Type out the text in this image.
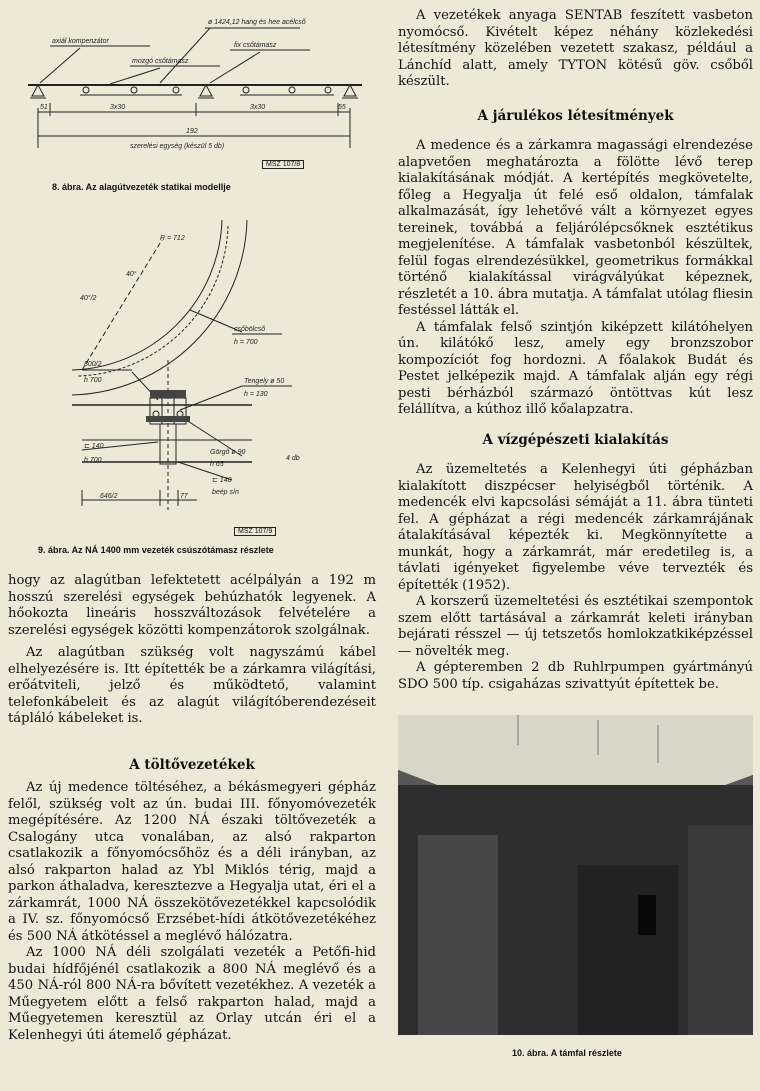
ø 1424,12 hang és hee acélcső
axiál kompenzátor
mozgó csőtámasz
fix csőtámasz
51	3x30	3x30	55
192
szerelési egység (készül 5 db)
MSZ 107/8
8. ábra. Az alagútvezeték statikai modellje
R = 712
40°
40°/2
csőbölcső
h = 700
800/2
h 700	Tengely ø 50
h = 130
⊏ 140
h 700
Görgő ø 90
h 65
4 db
⊏ 140
beép sín
646/2	77
MSZ 107/9
9. ábra. Az NÁ 1400 mm vezeték csúszótámasz részlete

hogy az alagútban lefektetett acélpályán a 192 m hosszú szerelési egységek behúzhatók legyenek. A hőokozta lineáris hosszváltozások felvételére a szerelési egységek közötti kompenzátorok szolgálnak.

Az alagútban szükség volt nagyszámú kábel elhelyezésére is. Itt építették be a zárkamra világítási, erőátviteli, jelző és működtető, valamint telefonkábeleit és az alagút világítóberendezéseit tápláló kábeleket is.

A töltővezetékek

Az új medence töltéséhez, a békásmegyeri gépház felől, szükség volt az ún. budai III. főnyomóvezeték megépítésére. Az 1200 NÁ északi töltővezeték a Csalogány utca vonalában, az alsó rakparton csatlakozik a főnyomócsőhöz és a déli irányban, az alsó rakparton halad az Ybl Miklós térig, majd a parkon áthaladva, keresztezve a Hegyalja utat, éri el a zárkamrát, 1000 NÁ összekötővezetékkel kapcsolódik a IV. sz. főnyomócső Erzsébet-hídi átkötővezetékéhez és 500 NÁ átkötéssel a meglévő hálózatra.

Az 1000 NÁ déli szolgálati vezeték a Petőfi-hid budai hídfőjénél csatlakozik a 800 NÁ meglévő és a 450 NÁ-ról 800 NÁ-ra bővített vezetékhez. A vezeték a Műegyetem előtt a felső rakparton halad, majd a Műegyetemen keresztül az Orlay utcán éri el a Kelenhegyi úti átemelő gépházat.

A vezetékek anyaga SENTAB feszített vasbeton nyomócső. Kivételt képez néhány közlekedési létesítmény közelében vezetett szakasz, például a Lánchíd alatt, amely TYTON kötésű göv. csőből készült.

A járulékos létesítmények

A medence és a zárkamra magassági elrendezése alapvetően meghatározta a fölötte lévő terep kialakításának módját. A kertépítés megkövetelte, főleg a Hegyalja út felé eső oldalon, támfalak alkalmazását, így lehetővé vált a környezet egyes tereinek, továbbá a feljárólépcsőknek esztétikus megjelenítése. A támfalak vasbetonból készültek, felül fogas elrendezésükkel, geometrikus formákkal történő kialakítással virágvályúkat képeznek, részletét a 10. ábra mutatja. A támfalat utólag fliesin festéssel látták el.

A támfalak felső szintjón kiképzett kilátóhelyen ún. kilátókő lesz, amely egy bronzszobor kompozíciót fog hordozni. A főalakok Budát és Pestet jelképezik majd. A támfalak alján egy régi pesti bérházból származó öntöttvas kút lesz felállítva, a kúthoz illő kőalapzatra.

A vízgépészeti kialakítás

Az üzemeltetés a Kelenhegyi úti gépházban kialakított diszpécser helyiségből történik. A medencék elvi kapcsolási sémáját a 11. ábra tünteti fel. A gépházat a régi medencék zárkamrájának átalakításával képezték ki. Megkönnyítette a munkát, hogy a zárkamrát, már eredetileg is, a távlati igényeket figyelembe véve tervezték és építették (1952).

A korszerű üzemeltetési és esztétikai szempontok szem előtt tartásával a zárkamrát keleti irányban bejárati résszel — új tetszetős homlokzatkiképzéssel — növelték meg.

A gépteremben 2 db Ruhlrpumpen gyártmányú SDO 500 típ. csigaházas szivattyút építettek be.

10. ábra. A támfal részlete
